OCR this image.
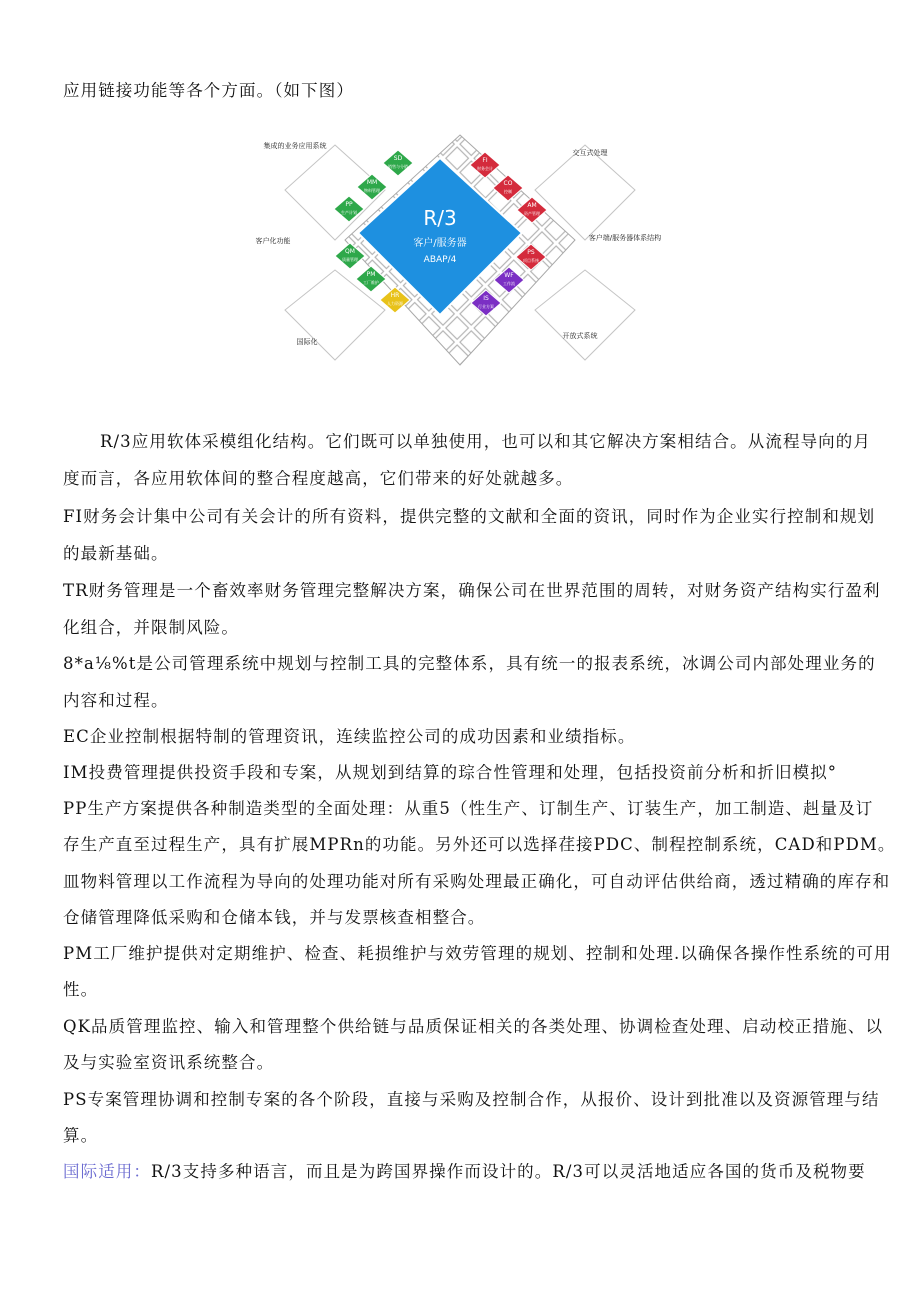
应用链接功能等各个方面。（如下图）
SD
销售与分销
MM
物料管理
PP
生产计划
QM
质量管理
PM
工厂维护
HR
人力资源
FI
财务会计
CO
控制
AM
资产管理
PS
项目系统
WF
工作流
IS
行业方案
R/3
客户/服务器
ABAP/4
集成的业务应用系统
客户化功能
国际化
交互式处理
客户端/服务器体系结构
开放式系统
R/3应用软体采模组化结构。它们既可以单独使用，也可以和其它解决方案相结合。从流程导向的月
度而言，各应用软体间的整合程度越高，它们带来的好处就越多。
FI财务会计集中公司有关会计的所有资料，提供完整的文献和全面的资讯，同时作为企业实行控制和规划
的最新基础。
TR财务管理是一个畜效率财务管理完整解决方案，确保公司在世界范围的周转，对财务资产结构实行盈利
化组合，并限制风险。
8*a⅛%t是公司管理系统中规划与控制工具的完整体系，具有统一的报表系统，冰调公司内部处理业务的
内容和过程。
EC企业控制根据特制的管理资讯，连续监控公司的成功因素和业绩指标。
IM投费管理提供投资手段和专案，从规划到结算的琮合性管理和处理，包括投资前分析和折旧模拟°
PP生产方案提供各种制造类型的全面处理：从重5（性生产、订制生产、订装生产，加工制造、赳量及订
存生产直至过程生产，具有扩展MPRn的功能。另外还可以选择荏接PDC、制程控制系统，CAD和PDM。
皿物料管理以工作流程为导向的处理功能对所有采购处理最正确化，可自动评估供给商，透过精确的库存和
仓储管理降低采购和仓储本钱，并与发票核查相整合。
PM工厂维护提供对定期维护、检查、耗损维护与效劳管理的规划、控制和处理.以确保各操作性系统的可用
性。
QK品质管理监控、输入和管理整个供给链与品质保证相关的各类处理、协调检查处理、启动校正措施、以
及与实验室资讯系统整合。
PS专案管理协调和控制专案的各个阶段，直接与采购及控制合作，从报价、设计到批准以及资源管理与结
算。
国际适用：R/3支持多种语言，而且是为跨国界操作而设计的。R/3可以灵活地适应各国的货币及税物要
